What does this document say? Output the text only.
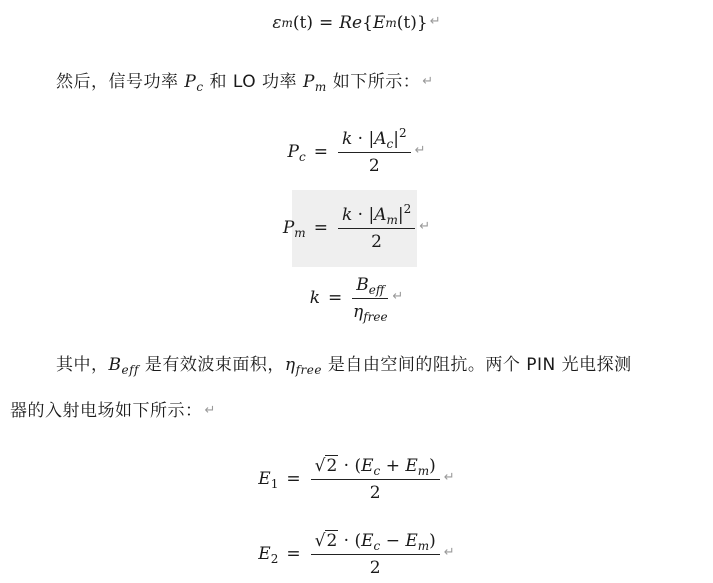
ε m (t) = Re { E m (t) } ↵
然后，信号功率 $P_c$ 和 LO 功率 $P_m$ 如下所示： ↵
$P_c = \frac{k \cdot |A_c|^2}{2}$ ↵
$P_m = \frac{k \cdot |A_m|^2}{2}$ ↵
$k = \frac{B_{eff}}{\eta_{free}}$ ↵
其中，$B_{eff}$ 是有效波束面积，$\eta_{free}$ 是自由空间的阻抗。两个 PIN 光电探测
器的入射电场如下所示： ↵
$E_1 = \frac{√2 \cdot (E_c + E_m)}{2}$ ↵
$E_2 = \frac{√2 \cdot (E_c - E_m)}{2}$ ↵
